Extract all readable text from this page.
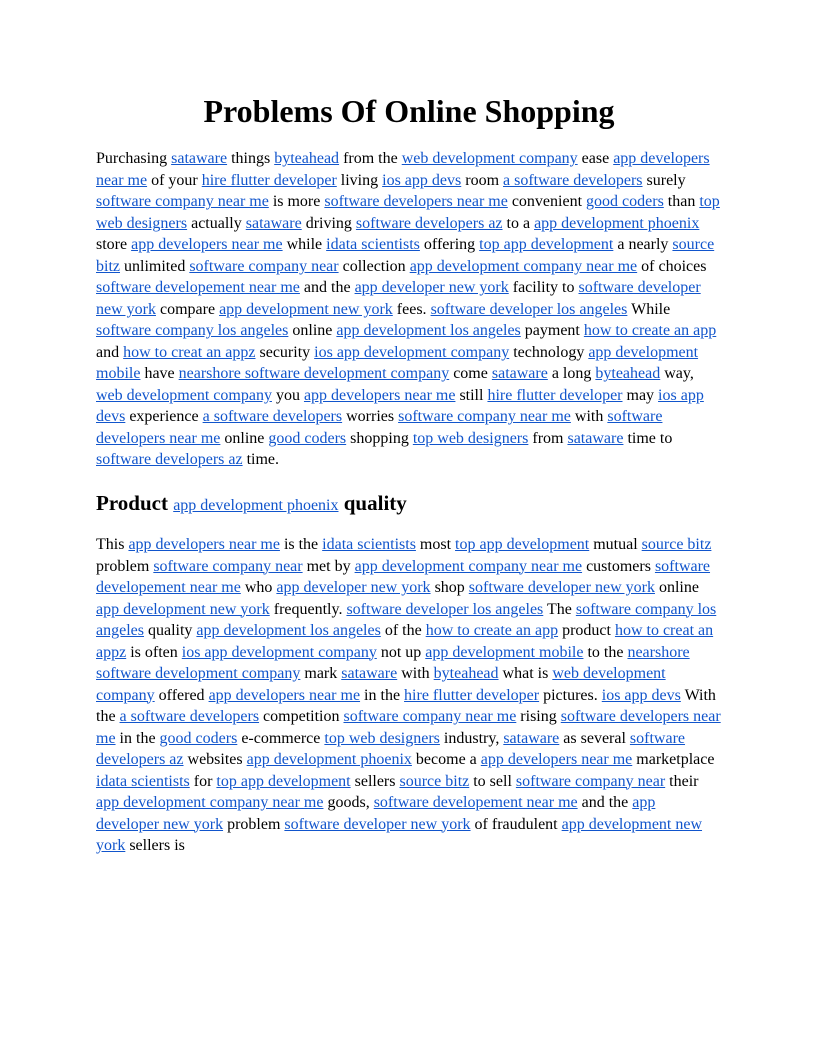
Problems Of Online Shopping

Purchasing sataware things byteahead from the web development company ease app developers near me of your hire flutter developer living ios app devs room a software developers surely software company near me is more software developers near me convenient good coders than top web designers actually sataware driving software developers az to a app development phoenix store app developers near me while idata scientists offering top app development a nearly source bitz unlimited software company near collection app development company near me of choices software developement near me and the app developer new york facility to software developer new york compare app development new york fees. software developer los angeles While software company los angeles online app development los angeles payment how to create an app and how to creat an appz security ios app development company technology app development mobile have nearshore software development company come sataware a long byteahead way, web development company you app developers near me still hire flutter developer may ios app devs experience a software developers worries software company near me with software developers near me online good coders shopping top web designers from sataware time to software developers az time.

Product app development phoenix quality

This app developers near me is the idata scientists most top app development mutual source bitz problem software company near met by app development company near me customers software developement near me who app developer new york shop software developer new york online app development new york frequently. software developer los angeles The software company los angeles quality app development los angeles of the how to create an app product how to creat an appz is often ios app development company not up app development mobile to the nearshore software development company mark sataware with byteahead what is web development company offered app developers near me in the hire flutter developer pictures. ios app devs With the a software developers competition software company near me rising software developers near me in the good coders e-commerce top web designers industry, sataware as several software developers az websites app development phoenix become a app developers near me marketplace idata scientists for top app development sellers source bitz to sell software company near their app development company near me goods, software developement near me and the app developer new york problem software developer new york of fraudulent app development new york sellers is
